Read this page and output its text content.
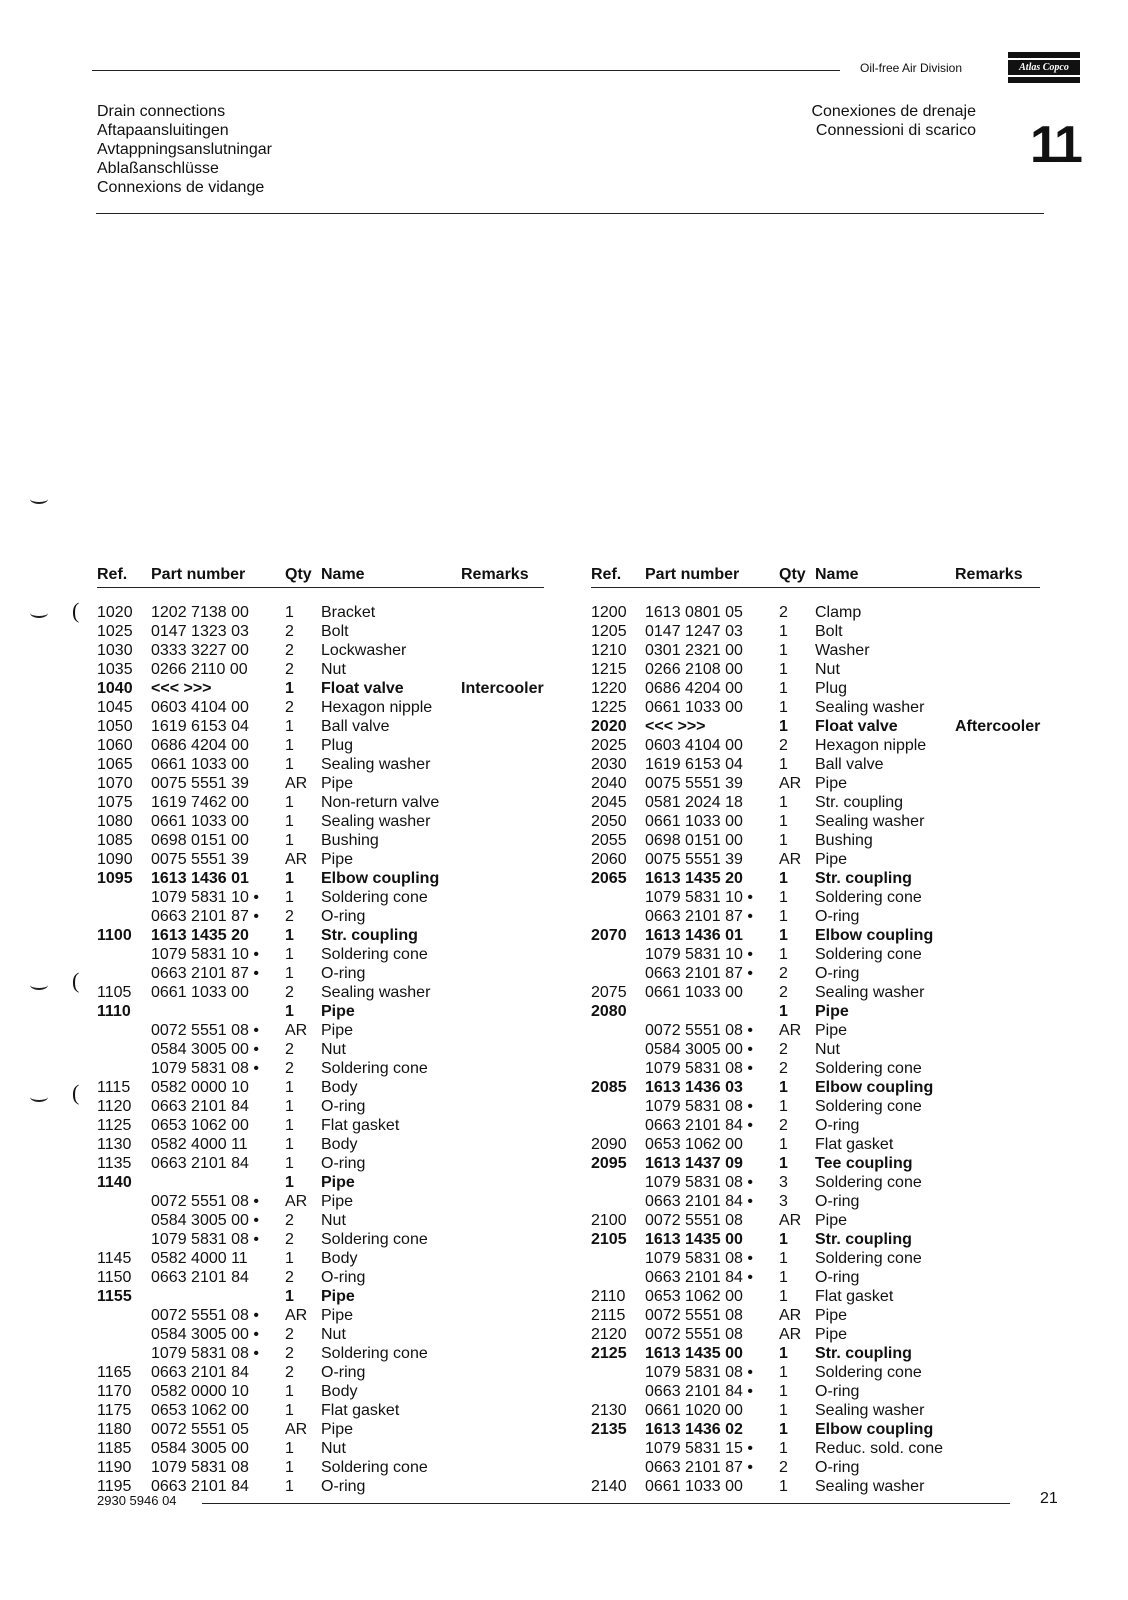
Oil-free Air Division	Atlas Copco
Drain connections
Aftapaansluitingen
Avtappningsanslutningar
Ablaßanschlüsse
Connexions de vidange
Conexiones de drenaje
Connessioni di scarico 11
(
(
(
Ref.	Part number	Qty	Name	Remarks
1020	1202 7138 00	1	Bracket	
1025	0147 1323 03	2	Bolt	
1030	0333 3227 00	2	Lockwasher	
1035	0266 2110 00	2	Nut	
1040	<<< >>>	1	Float valve	Intercooler
1045	0603 4104 00	2	Hexagon nipple	
1050	1619 6153 04	1	Ball valve	
1060	0686 4204 00	1	Plug	
1065	0661 1033 00	1	Sealing washer	
1070	0075 5551 39	AR	Pipe	
1075	1619 7462 00	1	Non-return valve	
1080	0661 1033 00	1	Sealing washer	
1085	0698 0151 00	1	Bushing	
1090	0075 5551 39	AR	Pipe	
1095	1613 1436 01	1	Elbow coupling	
	1079 5831 10 •	1	Soldering cone	
	0663 2101 87 •	2	O-ring	
1100	1613 1435 20	1	Str. coupling	
	1079 5831 10 •	1	Soldering cone	
	0663 2101 87 •	1	O-ring	
1105	0661 1033 00	2	Sealing washer	
1110		1	Pipe	
	0072 5551 08 •	AR	Pipe	
	0584 3005 00 •	2	Nut	
	1079 5831 08 •	2	Soldering cone	
1115	0582 0000 10	1	Body	
1120	0663 2101 84	1	O-ring	
1125	0653 1062 00	1	Flat gasket	
1130	0582 4000 11	1	Body	
1135	0663 2101 84	1	O-ring	
1140		1	Pipe	
	0072 5551 08 •	AR	Pipe	
	0584 3005 00 •	2	Nut	
	1079 5831 08 •	2	Soldering cone	
1145	0582 4000 11	1	Body	
1150	0663 2101 84	2	O-ring	
1155		1	Pipe	
	0072 5551 08 •	AR	Pipe	
	0584 3005 00 •	2	Nut	
	1079 5831 08 •	2	Soldering cone	
1165	0663 2101 84	2	O-ring	
1170	0582 0000 10	1	Body	
1175	0653 1062 00	1	Flat gasket	
1180	0072 5551 05	AR	Pipe	
1185	0584 3005 00	1	Nut	
1190	1079 5831 08	1	Soldering cone	
1195	0663 2101 84	1	O-ring	
Ref.	Part number	Qty	Name	Remarks
1200	1613 0801 05	2	Clamp	
1205	0147 1247 03	1	Bolt	
1210	0301 2321 00	1	Washer	
1215	0266 2108 00	1	Nut	
1220	0686 4204 00	1	Plug	
1225	0661 1033 00	1	Sealing washer	
2020	<<< >>>	1	Float valve	Aftercooler
2025	0603 4104 00	2	Hexagon nipple	
2030	1619 6153 04	1	Ball valve	
2040	0075 5551 39	AR	Pipe	
2045	0581 2024 18	1	Str. coupling	
2050	0661 1033 00	1	Sealing washer	
2055	0698 0151 00	1	Bushing	
2060	0075 5551 39	AR	Pipe	
2065	1613 1435 20	1	Str. coupling	
	1079 5831 10 •	1	Soldering cone	
	0663 2101 87 •	1	O-ring	
2070	1613 1436 01	1	Elbow coupling	
	1079 5831 10 •	1	Soldering cone	
	0663 2101 87 •	2	O-ring	
2075	0661 1033 00	2	Sealing washer	
2080		1	Pipe	
	0072 5551 08 •	AR	Pipe	
	0584 3005 00 •	2	Nut	
	1079 5831 08 •	2	Soldering cone	
2085	1613 1436 03	1	Elbow coupling	
	1079 5831 08 •	1	Soldering cone	
	0663 2101 84 •	2	O-ring	
2090	0653 1062 00	1	Flat gasket	
2095	1613 1437 09	1	Tee coupling	
	1079 5831 08 •	3	Soldering cone	
	0663 2101 84 •	3	O-ring	
2100	0072 5551 08	AR	Pipe	
2105	1613 1435 00	1	Str. coupling	
	1079 5831 08 •	1	Soldering cone	
	0663 2101 84 •	1	O-ring	
2110	0653 1062 00	1	Flat gasket	
2115	0072 5551 08	AR	Pipe	
2120	0072 5551 08	AR	Pipe	
2125	1613 1435 00	1	Str. coupling	
	1079 5831 08 •	1	Soldering cone	
	0663 2101 84 •	1	O-ring	
2130	0661 1020 00	1	Sealing washer	
2135	1613 1436 02	1	Elbow coupling	
	1079 5831 15 •	1	Reduc. sold. cone	
	0663 2101 87 •	2	O-ring	
2140	0661 1033 00	1	Sealing washer	
2930 5946 04	21
